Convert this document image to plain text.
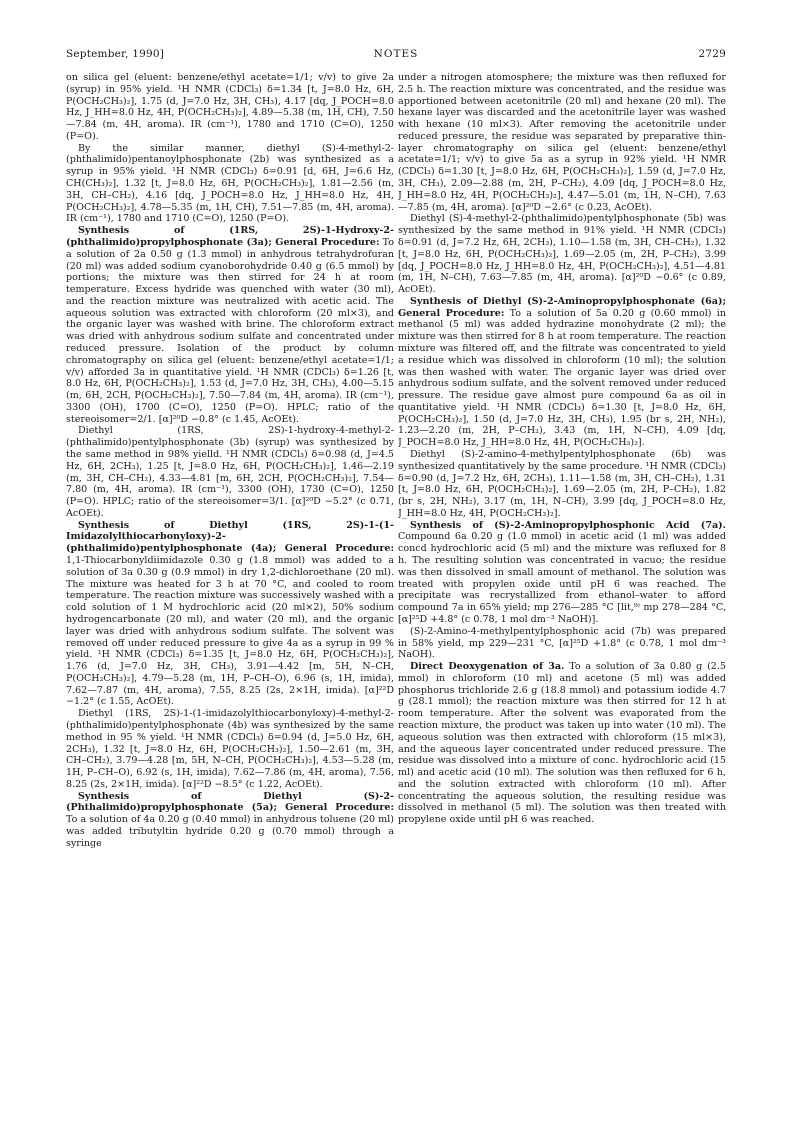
September, 1990]	NOTES	2729

on silica gel (eluent: benzene/ethyl acetate=1/1; v/v) to give 2a (syrup) in 95% yield. ¹H NMR (CDCl₃) δ=1.34 [t, J=8.0 Hz, 6H, P(OCH₂CH₃)₂], 1.75 (d, J=7.0 Hz, 3H, CH₃), 4.17 [dq, J_POCH=8.0 Hz, J_HH=8.0 Hz, 4H, P(OCH₂CH₃)₂], 4.89—5.38 (m, 1H, CH), 7.50—7.84 (m, 4H, aroma). IR (cm⁻¹), 1780 and 1710 (C=O), 1250 (P=O).

By the similar manner, diethyl (S)-4-methyl-2-(phthalimido)pentanoylphosphonate (2b) was synthesized as a syrup in 95% yield. ¹H NMR (CDCl₃) δ=0.91 [d, 6H, J=6.6 Hz, CH(CH₃)₂], 1.32 [t, J=8.0 Hz, 6H, P(OCH₂CH₃)₂], 1.81—2.56 (m, 3H, CH–CH₂), 4.16 [dq, J_POCH=8.0 Hz, J_HH=8.0 Hz, 4H, P(OCH₂CH₃)₂], 4.78—5.35 (m, 1H, CH), 7.51—7.85 (m, 4H, aroma). IR (cm⁻¹), 1780 and 1710 (C=O), 1250 (P=O).

Synthesis of (1RS, 2S)-1-Hydroxy-2-(phthalimido)propylphosphonate (3a); General Procedure: To a solution of 2a 0.50 g (1.3 mmol) in anhydrous tetrahydrofuran (20 ml) was added sodium cyanoborohydride 0.40 g (6.5 mmol) by portions; the mixture was then stirred for 24 h at room temperature. Excess hydride was quenched with water (30 ml), and the reaction mixture was neutralized with acetic acid. The aqueous solution was extracted with chloroform (20 ml×3), and the organic layer was washed with brine. The chloroform extract was dried with anhydrous sodium sulfate and concentrated under reduced pressure. Isolation of the product by column chromatography on silica gel (eluent: benzene/ethyl acetate=1/1; v/v) afforded 3a in quantitative yield. ¹H NMR (CDCl₃) δ=1.26 [t, 8.0 Hz, 6H, P(OCH₂CH₃)₂], 1.53 (d, J=7.0 Hz, 3H, CH₃), 4.00—5.15 (m, 6H, 2CH, P(OCH₂CH₃)₂], 7.50—7.84 (m, 4H, aroma). IR (cm⁻¹), 3300 (OH), 1700 (C=O), 1250 (P=O). HPLC; ratio of the stereoisomer=2/1. [α]²⁰D −0.8° (c 1.45, AcOEt).

Diethyl (1RS, 2S)-1-hydroxy-4-methyl-2-(phthalimido)pentylphosphonate (3b) (syrup) was synthesized by the same method in 98% yielld. ¹H NMR (CDCl₃) δ=0.98 (d, J=4.5 Hz, 6H, 2CH₃), 1.25 [t, J=8.0 Hz, 6H, P(OCH₂CH₃)₂], 1.46—2.19 (m, 3H, CH–CH₂), 4.33—4.81 [m, 6H, 2CH, P(OCH₂CH₃)₂], 7.54—7.80 (m, 4H, aroma). IR (cm⁻¹), 3300 (OH), 1730 (C=O), 1250 (P=O). HPLC; ratio of the stereoisomer=3/1. [α]²⁰D −5.2° (c 0.71, AcOEt).

Synthesis of Diethyl (1RS, 2S)-1-(1-Imidazolylthiocarbonyloxy)-2-(phthalimido)pentylphosphonate (4a); General Procedure: 1,1-Thiocarbonyldiimidazole 0.30 g (1.8 mmol) was added to a solution of 3a 0.30 g (0.9 mmol) in dry 1,2-dichloroethane (20 ml). The mixture was heated for 3 h at 70 °C, and cooled to room temperature. The reaction mixture was successively washed with a cold solution of 1 M hydrochloric acid (20 ml×2), 50% sodium hydrogencarbonate (20 ml), and water (20 ml), and the organic layer was dried with anhydrous sodium sulfate. The solvent was removed off under reduced pressure to give 4a as a syrup in 99 % yield. ¹H NMR (CDCl₃) δ=1.35 [t, J=8.0 Hz, 6H, P(OCH₂CH₃)₂], 1.76 (d, J=7.0 Hz, 3H, CH₃), 3.91—4.42 [m, 5H, N–CH, P(OCH₂CH₃)₂], 4.79—5.28 (m, 1H, P–CH–O), 6.96 (s, 1H, imida), 7.62—7.87 (m, 4H, aroma), 7.55, 8.25 (2s, 2×1H, imida). [α]²²D −1.2° (c 1.55, AcOEt).

Diethyl (1RS, 2S)-1-(1-imidazolylthiocarbonyloxy)-4-methyl-2-(phthalimido)pentylphosphonate (4b) was synthesized by the same method in 95 % yield. ¹H NMR (CDCl₃) δ=0.94 (d, J=5.0 Hz, 6H, 2CH₃), 1.32 [t, J=8.0 Hz, 6H, P(OCH₂CH₃)₂], 1.50—2.61 (m, 3H, CH–CH₂), 3.79—4.28 [m, 5H, N–CH, P(OCH₂CH₃)₂], 4.53—5.28 (m, 1H, P–CH–O), 6.92 (s, 1H, imida), 7.62—7.86 (m, 4H, aroma), 7.56, 8.25 (2s, 2×1H, imida). [α]²²D −8.5° (c 1.22, AcOEt).

Synthesis of Diethyl (S)-2-(Phthalimido)propylphosphonate (5a); General Procedure: To a solution of 4a 0.20 g (0.40 mmol) in anhydrous toluene (20 ml) was added tributyltin hydride 0.20 g (0.70 mmol) through a syringe

under a nitrogen atomosphere; the mixture was then refluxed for 2.5 h. The reaction mixture was concentrated, and the residue was apportioned between acetonitrile (20 ml) and hexane (20 ml). The hexane layer was discarded and the acetonitrile layer was washed with hexane (10 ml×3). After removing the acetonitrile under reduced pressure, the residue was separated by preparative thin-layer chromatography on silica gel (eluent: benzene/ethyl acetate=1/1; v/v) to give 5a as a syrup in 92% yield. ¹H NMR (CDCl₃) δ=1.30 [t, J=8.0 Hz, 6H, P(OCH₂CH₃)₂], 1.59 (d, J=7.0 Hz, 3H, CH₃), 2.09—2.88 (m, 2H, P–CH₂), 4.09 [dq, J_POCH=8.0 Hz, J_HH=8.0 Hz, 4H, P(OCH₂CH₃)₂], 4.47—5.01 (m, 1H, N–CH), 7.63—7.85 (m, 4H, aroma). [α]²⁰D −2.6° (c 0.23, AcOEt).

Diethyl (S)-4-methyl-2-(phthalimido)pentylphosphonate (5b) was synthesized by the same method in 91% yield. ¹H NMR (CDCl₃) δ=0.91 (d, J=7.2 Hz, 6H, 2CH₃), 1.10—1.58 (m, 3H, CH–CH₂), 1.32 [t, J=8.0 Hz, 6H, P(OCH₂CH₃)₂], 1.69—2.05 (m, 2H, P–CH₂), 3.99 [dq, J_POCH=8.0 Hz, J_HH=8.0 Hz, 4H, P(OCH₂CH₃)₂], 4.51—4.81 (m, 1H, N–CH), 7.63—7.85 (m, 4H, aroma). [α]²⁰D −0.6° (c 0.89, AcOEt).

Synthesis of Diethyl (S)-2-Aminopropylphosphonate (6a); General Procedure: To a solution of 5a 0.20 g (0.60 mmol) in methanol (5 ml) was added hydrazine monohydrate (2 ml); the mixture was then stirred for 8 h at room temperature. The reaction mixture was filtered off, and the filtrate was concentrated to yield a residue which was dissolved in chloroform (10 ml); the solution was then washed with water. The organic layer was dried over anhydrous sodium sulfate, and the solvent removed under reduced pressure. The residue gave almost pure compound 6a as oil in quantitative yield. ¹H NMR (CDCl₃) δ=1.30 [t, J=8.0 Hz, 6H, P(OCH₂CH₃)₂], 1.50 (d, J=7.0 Hz, 3H, CH₃), 1.95 (br s, 2H, NH₂), 1.23—2.20 (m, 2H, P–CH₂), 3.43 (m, 1H, N–CH), 4.09 [dq, J_POCH=8.0 Hz, J_HH=8.0 Hz, 4H, P(OCH₂CH₃)₂].

Diethyl (S)-2-amino-4-methylpentylphosphonate (6b) was synthesized quantitatively by the same procedure. ¹H NMR (CDCl₃) δ=0.90 (d, J=7.2 Hz, 6H, 2CH₃), 1.11—1.58 (m, 3H, CH–CH₂), 1.31 [t, J=8.0 Hz, 6H, P(OCH₂CH₃)₂], 1.69—2.05 (m, 2H, P–CH₂), 1.82 (br s, 2H, NH₂), 3.17 (m, 1H, N–CH), 3.99 [dq, J_POCH=8.0 Hz, J_HH=8.0 Hz, 4H, P(OCH₂CH₃)₂].

Synthesis of (S)-2-Aminopropylphosphonic Acid (7a). Compound 6a 0.20 g (1.0 mmol) in acetic acid (1 ml) was added concd hydrochloric acid (5 ml) and the mixture was refluxed for 8 h. The resulting solution was concentrated in vacuo; the residue was then dissolved in small amount of methanol. The solution was treated with propylen oxide until pH 6 was reached. The precipitate was recrystallized from ethanol–water to afford compound 7a in 65% yield; mp 276—285 °C [lit,⁹⁾ mp 278—284 °C, [α]²⁵D +4.8° (c 0.78, 1 mol dm⁻³ NaOH)].

(S)-2-Amino-4-methylpentylphosphonic acid (7b) was prepared in 58% yield, mp 229—231 °C, [α]²⁵D +1.8° (c 0.78, 1 mol dm⁻³ NaOH).

Direct Deoxygenation of 3a. To a solution of 3a 0.80 g (2.5 mmol) in chloroform (10 ml) and acetone (5 ml) was added phosphorus trichloride 2.6 g (18.8 mmol) and potassium iodide 4.7 g (28.1 mmol); the reaction mixture was then stirred for 12 h at room temperature. After the solvent was evaporated from the reaction mixture, the product was taken up into water (10 ml). The aqueous solution was then extracted with chloroform (15 ml×3), and the aqueous layer concentrated under reduced pressure. The residue was dissolved into a mixture of conc. hydrochloric acid (15 ml) and acetic acid (10 ml). The solution was then refluxed for 6 h, and the solution extracted with chloroform (10 ml). After concentrating the aqueous solution, the resulting residue was dissolved in methanol (5 ml). The solution was then treated with propylene oxide until pH 6 was reached.
